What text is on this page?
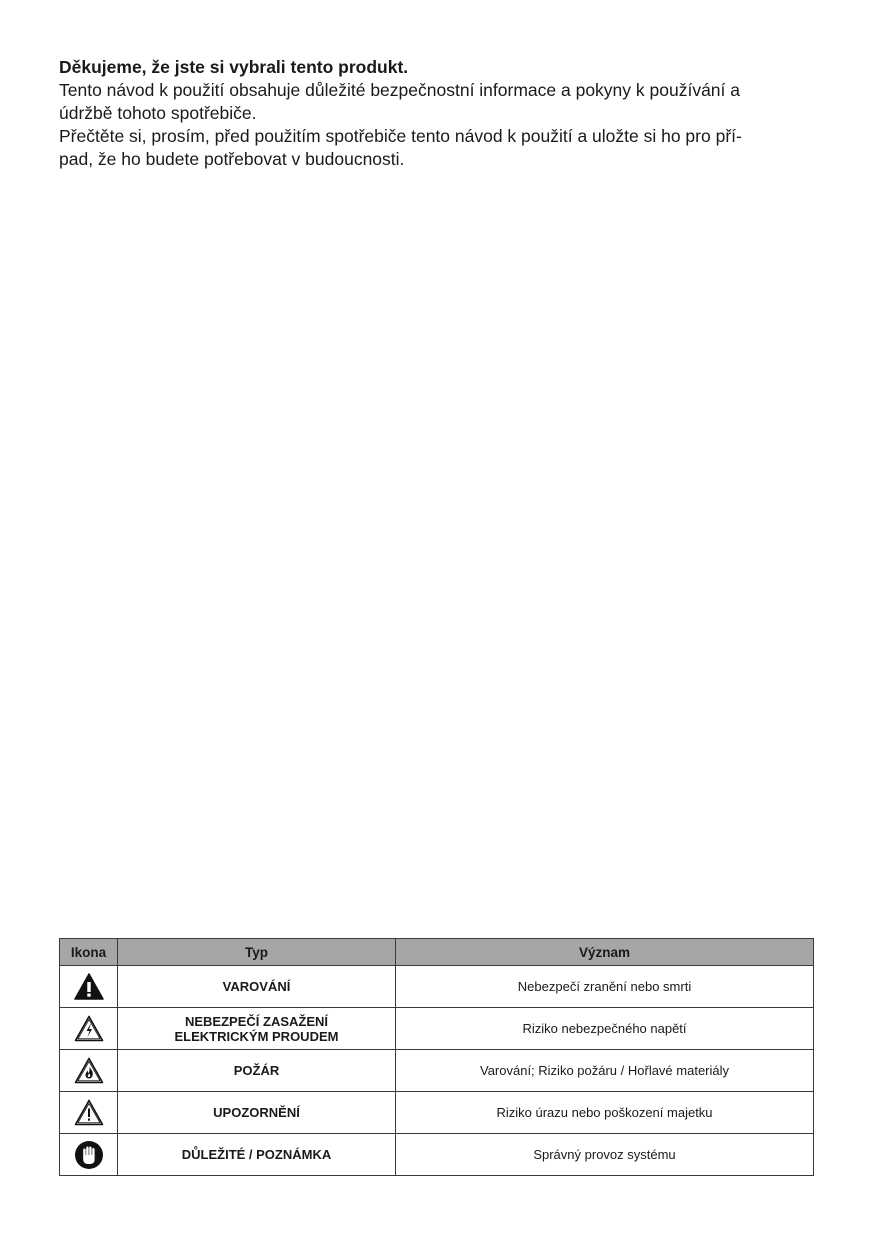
Děkujeme, že jste si vybrali tento produkt.

Tento návod k použití obsahuje důležité bezpečnostní informace a pokyny k používání a
údržbě tohoto spotřebiče.

Přečtěte si, prosím, před použitím spotřebiče tento návod k použití a uložte si ho pro pří-
pad, že ho budete potřebovat v budoucnosti.

Ikona	Typ	Význam

	VAROVÁNÍ	Nebezpečí zranění nebo smrti

	NEBEZPEČÍ ZASAŽENÍ
ELEKTRICKÝM PROUDEM	Riziko nebezpečného napětí

	POŽÁR	Varování; Riziko požáru / Hořlavé materiály

	UPOZORNĚNÍ	Riziko úrazu nebo poškození majetku

	DŮLEŽITÉ / POZNÁMKA	Správný provoz systému
